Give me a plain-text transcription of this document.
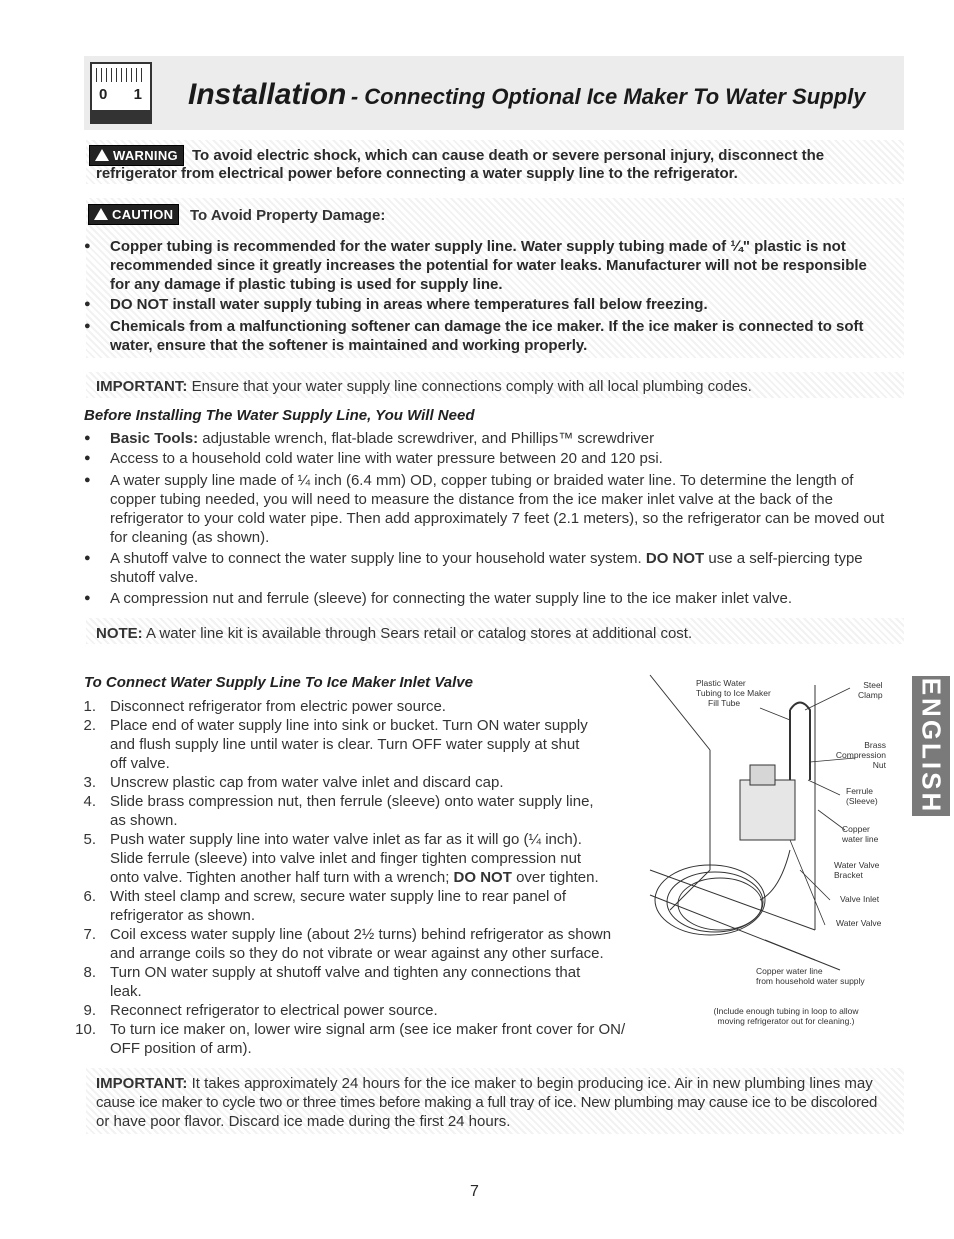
0 1 Installation - Connecting Optional Ice Maker To Water Supply
WARNING To avoid electric shock, which can cause death or severe personal injury, disconnect the
refrigerator from electrical power before connecting a water supply line to the refrigerator.
CAUTION	To Avoid Property Damage:
● Copper tubing is recommended for the water supply line. Water supply tubing made of ¼" plastic is not
recommended since it greatly increases the potential for water leaks. Manufacturer will not be responsible
for any damage if plastic tubing is used for supply line.
● DO NOT install water supply tubing in areas where temperatures fall below freezing.
● Chemicals from a malfunctioning softener can damage the ice maker. If the ice maker is connected to soft
water, ensure that the softener is maintained and working properly.
IMPORTANT: Ensure that your water supply line connections comply with all local plumbing codes.
Before Installing The Water Supply Line, You Will Need
● Basic Tools: adjustable wrench, flat-blade screwdriver, and Phillips™ screwdriver
● Access to a household cold water line with water pressure between 20 and 120 psi.
● A water supply line made of ¼ inch (6.4 mm) OD, copper tubing or braided water line. To determine the length of
copper tubing needed, you will need to measure the distance from the ice maker inlet valve at the back of the
refrigerator to your cold water pipe. Then add approximately 7 feet (2.1 meters), so the refrigerator can be moved out
for cleaning (as shown).
● A shutoff valve to connect the water supply line to your household water system. DO NOT use a self-piercing type
shutoff valve.
● A compression nut and ferrule (sleeve) for connecting the water supply line to the ice maker inlet valve.
NOTE: A water line kit is available through Sears retail or catalog stores at additional cost.
To Connect Water Supply Line To Ice Maker Inlet Valve
1. Disconnect refrigerator from electric power source.
2. Place end of water supply line into sink or bucket. Turn ON water supply
and flush supply line until water is clear. Turn OFF water supply at shut
off valve.
3. Unscrew plastic cap from water valve inlet and discard cap.
4. Slide brass compression nut, then ferrule (sleeve) onto water supply line,
as shown.
5. Push water supply line into water valve inlet as far as it will go (¼ inch).
Slide ferrule (sleeve) into valve inlet and finger tighten compression nut
onto valve. Tighten another half turn with a wrench; DO NOT over tighten.
6. With steel clamp and screw, secure water supply line to rear panel of
refrigerator as shown.
7. Coil excess water supply line (about 2½ turns) behind refrigerator as shown
and arrange coils so they do not vibrate or wear against any other surface.
8. Turn ON water supply at shutoff valve and tighten any connections that
leak.
9. Reconnect refrigerator to electrical power source.
10. To turn ice maker on, lower wire signal arm (see ice maker front cover for ON/
OFF position of arm).
Plastic Water
Tubing to Ice Maker
Fill Tube
Steel
Clamp
Brass
Compression
Nut
Ferrule
(Sleeve)
Copper
water line
Water Valve
Bracket
Valve Inlet
Water Valve
Copper water line
from household water supply
(Include enough tubing in loop to allow
moving refrigerator out for cleaning.)
ENGLISH
IMPORTANT: It takes approximately 24 hours for the ice maker to begin producing ice. Air in new plumbing lines may
cause ice maker to cycle two or three times before making a full tray of ice. New plumbing may cause ice to be discolored
or have poor flavor. Discard ice made during the first 24 hours.
7
